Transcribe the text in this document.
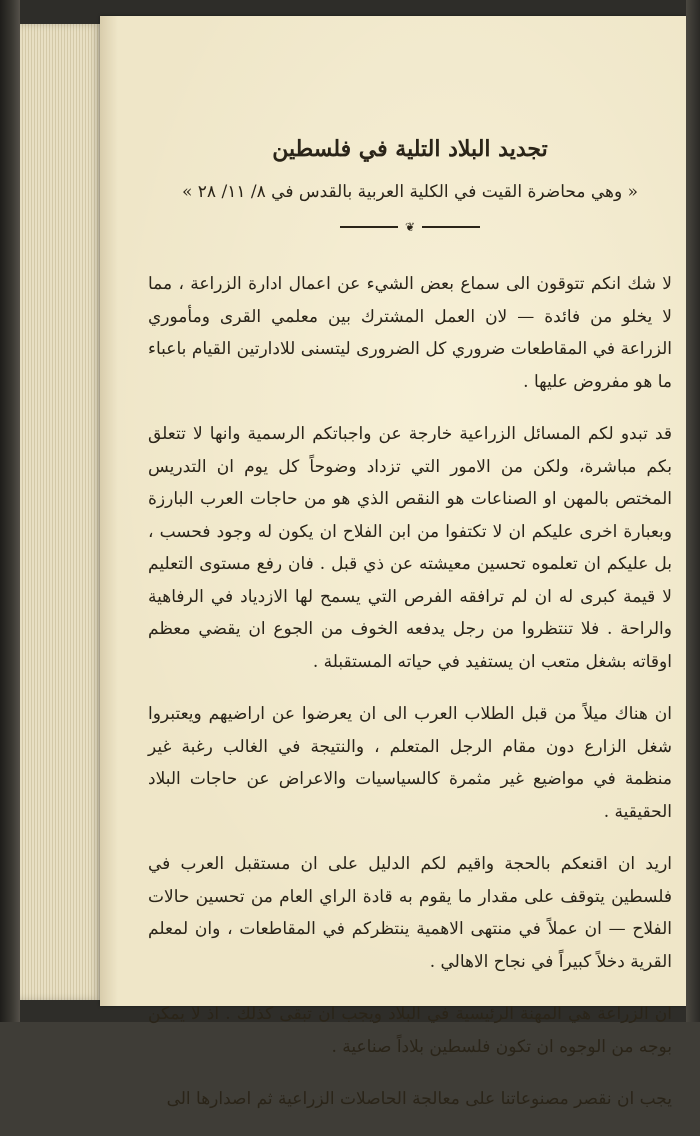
تجديد البلاد التلية في فلسطين
« وهي محاضرة القيت في الكلية العربية بالقدس في ٨/ ١١/ ٢٨ »
❦

لا شك انكم تتوقون الى سماع بعض الشيء عن اعمال ادارة الزراعة ، مما لا يخلو من فائدة — لان العمل المشترك بين معلمي القرى ومأموري الزراعة في المقاطعات ضروري كل الضرورى ليتسنى للادارتين القيام باعباء ما هو مفروض عليها .

قد تبدو لكم المسائل الزراعية خارجة عن واجباتكم الرسمية وانها لا تتعلق بكم مباشرة، ولكن من الامور التي تزداد وضوحاً كل يوم ان التدريس المختص بالمهن او الصناعات هو النقص الذي هو من حاجات العرب البارزة وبعبارة اخرى عليكم ان لا تكتفوا من ابن الفلاح ان يكون له وجود فحسب ، بل عليكم ان تعلموه تحسين معيشته عن ذي قبل . فان رفع مستوى التعليم لا قيمة كبرى له ان لم ترافقه الفرص التي يسمح لها الازدياد في الرفاهية والراحة . فلا تنتظروا من رجل يدفعه الخوف من الجوع ان يقضي معظم اوقاته بشغل متعب ان يستفيد في حياته المستقبلة .

ان هناك ميلاً من قبل الطلاب العرب الى ان يعرضوا عن اراضيهم ويعتبروا شغل الزارع دون مقام الرجل المتعلم ، والنتيجة في الغالب رغبة غير منظمة في مواضيع غير مثمرة كالسياسيات والاعراض عن حاجات البلاد الحقيقية .

اريد ان اقنعكم بالحجة واقيم لكم الدليل على ان مستقبل العرب في فلسطين يتوقف على مقدار ما يقوم به قادة الراي العام من تحسين حالات الفلاح — ان عملاً في منتهى الاهمية ينتظركم في المقاطعات ، وان لمعلم القرية دخلاً كبيراً في نجاح الاهالي .

ان الزراعة هي المهنة الرئيسية في البلاد ويجب ان تبقى كذلك . اذ لا يمكن بوجه من الوجوه ان تكون فلسطين بلاداً صناعية .

يجب ان نقصر مصنوعاتنا على معالجة الحاصلات الزراعية ثم اصدارها الى
